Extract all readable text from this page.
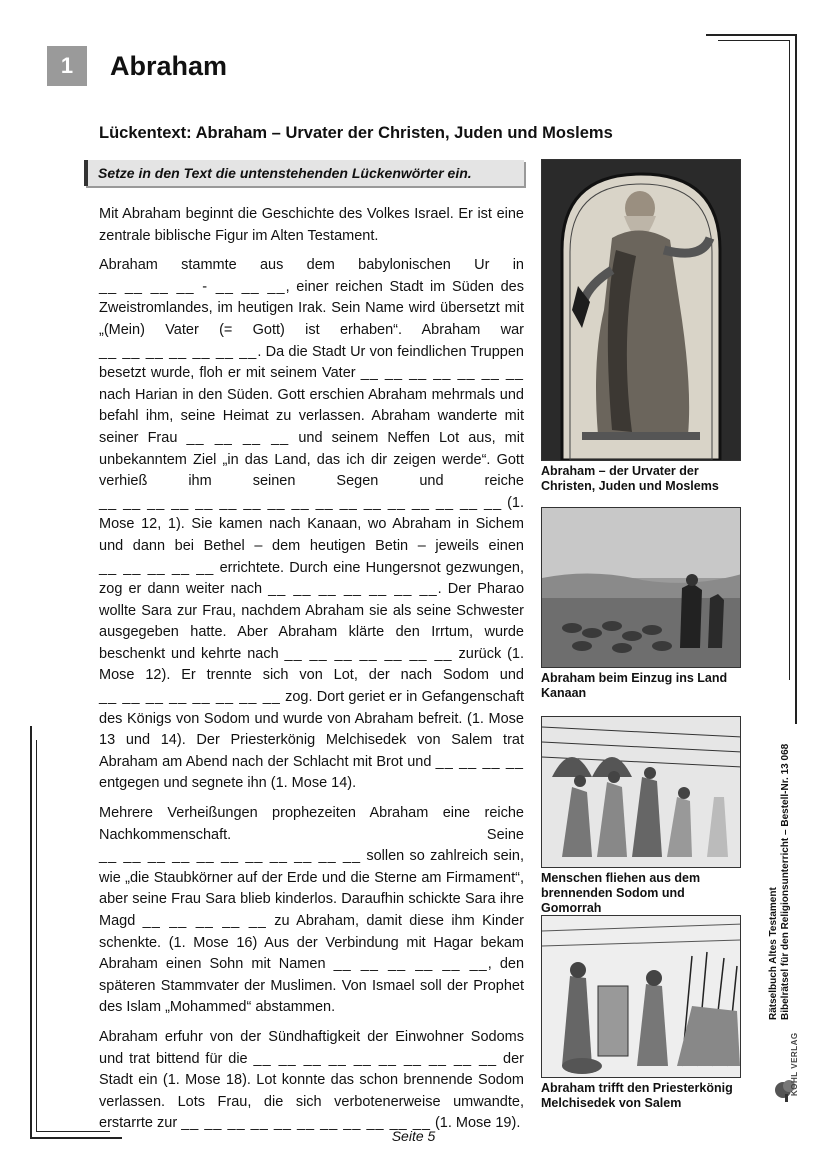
1	Abraham
Lückentext: Abraham – Urvater der Christen, Juden und Moslems
Setze in den Text die untenstehenden Lückenwörter ein.

Mit Abraham beginnt die Geschichte des Volkes Israel. Er ist eine zentrale biblische Figur im Alten Testament.

Abraham stammte aus dem babylonischen Ur in __ __ __ __ - __ __ __, einer reichen Stadt im Süden des Zweistromlandes, im heutigen Irak. Sein Name wird übersetzt mit „(Mein) Vater (= Gott) ist erhaben“. Abraham war __ __ __ __ __ __ __. Da die Stadt Ur von feindlichen Truppen besetzt wurde, floh er mit seinem Vater __ __ __ __ __ __ __ nach Harian in den Süden. Gott erschien Abraham mehrmals und befahl ihm, seine Heimat zu verlassen. Abraham wanderte mit seiner Frau __ __ __ __ und seinem Neffen Lot aus, mit unbekanntem Ziel „in das Land, das ich dir zeigen werde“. Gott verhieß ihm seinen Segen und reiche __ __ __ __ __ __ __ __ __ __ __ __ __ __ __ __ __ (1. Mose 12, 1). Sie kamen nach Kanaan, wo Abraham in Sichem und dann bei Bethel – dem heutigen Betin – jeweils einen __ __ __ __ __ errichtete. Durch eine Hungersnot gezwungen, zog er dann weiter nach __ __ __ __ __ __ __. Der Pharao wollte Sara zur Frau, nachdem Abraham sie als seine Schwester ausgegeben hatte. Aber Abraham klärte den Irrtum, wurde beschenkt und kehrte nach __ __ __ __ __ __ __ zurück (1. Mose 12). Er trennte sich von Lot, der nach Sodom und __ __ __ __ __ __ __ __ zog. Dort geriet er in Gefangenschaft des Königs von Sodom und wurde von Abraham befreit. (1. Mose 13 und 14). Der Priesterkönig Melchisedek von Salem trat Abraham am Abend nach der Schlacht mit Brot und __ __ __ __ entgegen und segnete ihn (1. Mose 14).

Mehrere Verheißungen prophezeiten Abraham eine reiche Nachkommenschaft. Seine __ __ __ __ __ __ __ __ __ __ __ sollen so zahlreich sein, wie „die Staubkörner auf der Erde und die Sterne am Firmament“, aber seine Frau Sara blieb kinderlos. Daraufhin schickte Sara ihre Magd __ __ __ __ __ zu Abraham, damit diese ihm Kinder schenkte. (1. Mose 16) Aus der Verbindung mit Hagar bekam Abraham einen Sohn mit Namen __ __ __ __ __ __, den späteren Stammvater der Muslimen. Von Ismael soll der Prophet des Islam „Mohammed“ abstammen.

Abraham erfuhr von der Sündhaftigkeit der Einwohner Sodoms und trat bittend für die __ __ __ __ __ __ __ __ __ __ der Stadt ein (1. Mose 18). Lot konnte das schon brennende Sodom verlassen. Lots Frau, die sich verbotenerweise umwandte, erstarrte zur __ __ __ __ __ __ __ __ __ __ __ (1. Mose 19).

Abraham – der Urvater der Christen, Juden und Moslems
Abraham beim Einzug ins Land Kanaan
Menschen fliehen aus dem brennenden Sodom und Gomorrah
Abraham trifft den Priesterkönig Melchisedek von Salem
Rätselbuch Altes Testament Bibelrätsel für den Religionsunterricht – Bestell-Nr. 13 068
KOHL VERLAG
Seite 5
